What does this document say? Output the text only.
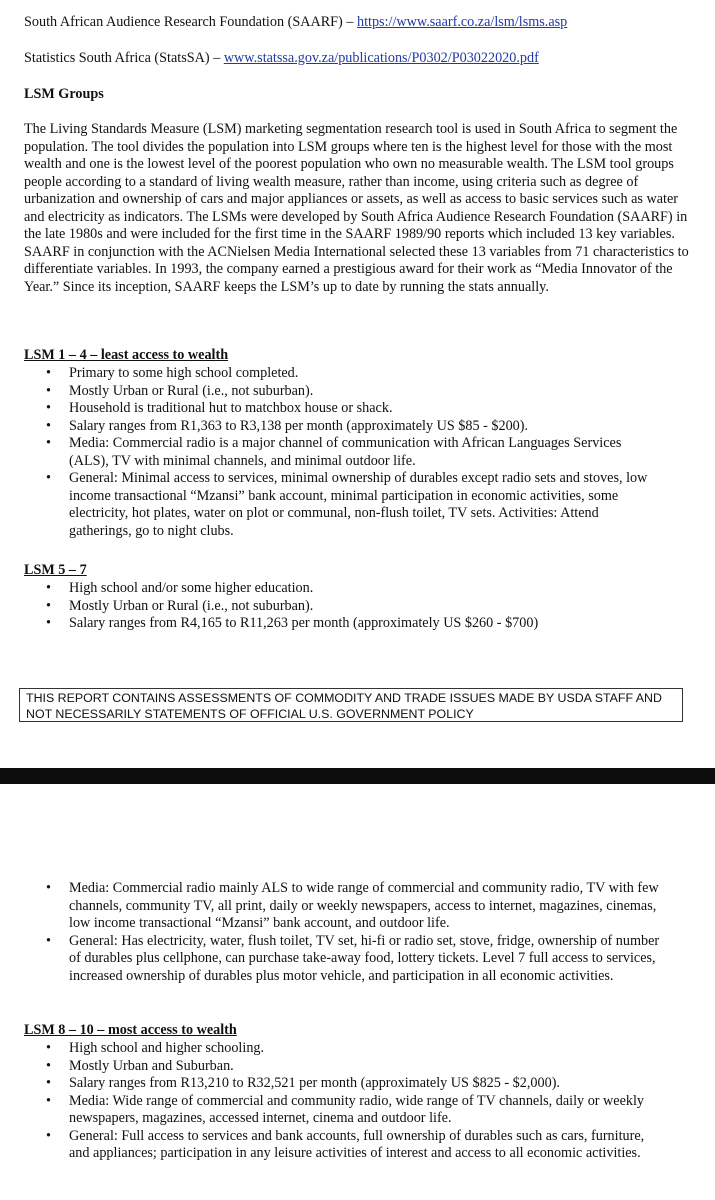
South African Audience Research Foundation (SAARF) – https://www.saarf.co.za/lsm/lsms.asp

Statistics South Africa (StatsSA) – www.statssa.gov.za/publications/P0302/P03022020.pdf

LSM Groups

The Living Standards Measure (LSM) marketing segmentation research tool is used in South Africa to segment the population. The tool divides the population into LSM groups where ten is the highest level for those with the most wealth and one is the lowest level of the poorest population who own no measurable wealth. The LSM tool groups people according to a standard of living wealth measure, rather than income, using criteria such as degree of urbanization and ownership of cars and major appliances or assets, as well as access to basic services such as water and electricity as indicators. The LSMs were developed by South Africa Audience Research Foundation (SAARF) in the late 1980s and were included for the first time in the SAARF 1989/90 reports which included 13 key variables. SAARF in conjunction with the ACNielsen Media International selected these 13 variables from 71 characteristics to differentiate variables. In 1993, the company earned a prestigious award for their work as “Media Innovator of the Year.” Since its inception, SAARF keeps the LSM’s up to date by running the stats annually.

LSM 1 – 4 – least access to wealth

• Primary to some high school completed.
• Mostly Urban or Rural (i.e., not suburban).
• Household is traditional hut to matchbox house or shack.
• Salary ranges from R1,363 to R3,138 per month (approximately US $85 - $200).
• Media: Commercial radio is a major channel of communication with African Languages Services (ALS), TV with minimal channels, and minimal outdoor life.
• General: Minimal access to services, minimal ownership of durables except radio sets and stoves, low income transactional “Mzansi” bank account, minimal participation in economic activities, some electricity, hot plates, water on plot or communal, non-flush toilet, TV sets. Activities: Attend gatherings, go to night clubs.

LSM 5 – 7

• High school and/or some higher education.
• Mostly Urban or Rural (i.e., not suburban).
• Salary ranges from R4,165 to R11,263 per month (approximately US $260 - $700)
THIS REPORT CONTAINS ASSESSMENTS OF COMMODITY AND TRADE ISSUES MADE BY USDA STAFF AND NOT NECESSARILY STATEMENTS OF OFFICIAL U.S. GOVERNMENT POLICY
• Media: Commercial radio mainly ALS to wide range of commercial and community radio, TV with few channels, community TV, all print, daily or weekly newspapers, access to internet, magazines, cinemas, low income transactional “Mzansi” bank account, and outdoor life.
• General: Has electricity, water, flush toilet, TV set, hi-fi or radio set, stove, fridge, ownership of number of durables plus cellphone, can purchase take-away food, lottery tickets. Level 7 full access to services, increased ownership of durables plus motor vehicle, and participation in all economic activities.

LSM 8 – 10 – most access to wealth

• High school and higher schooling.
• Mostly Urban and Suburban.
• Salary ranges from R13,210 to R32,521 per month (approximately US $825 - $2,000).
• Media: Wide range of commercial and community radio, wide range of TV channels, daily or weekly newspapers, magazines, accessed internet, cinema and outdoor life.
• General: Full access to services and bank accounts, full ownership of durables such as cars, furniture, and appliances; participation in any leisure activities of interest and access to all economic activities.
